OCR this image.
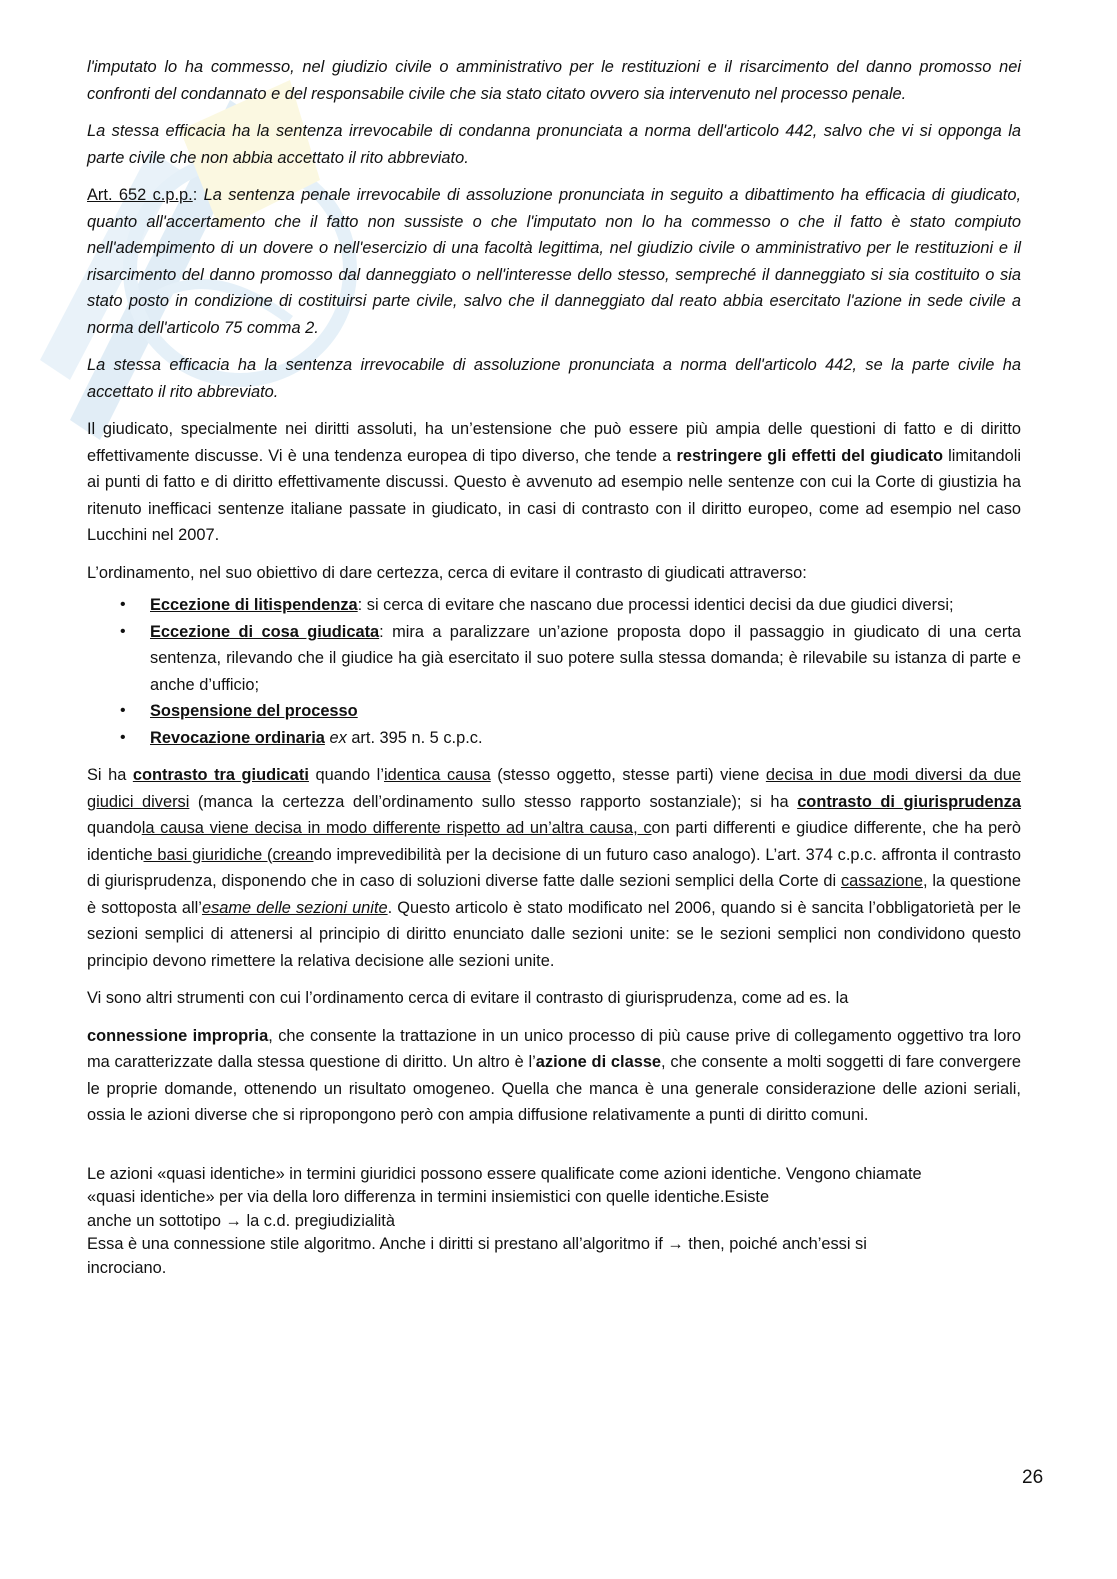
l'imputato lo ha commesso, nel giudizio civile o amministrativo per le restituzioni e il risarcimento del danno promosso nei confronti del condannato e del responsabile civile che sia stato citato ovvero sia intervenuto nel processo penale.

La stessa efficacia ha la sentenza irrevocabile di condanna pronunciata a norma dell'articolo 442, salvo che vi si opponga la parte civile che non abbia accettato il rito abbreviato.

Art. 652 c.p.p.: La sentenza penale irrevocabile di assoluzione pronunciata in seguito a dibattimento ha efficacia di giudicato, quanto all'accertamento che il fatto non sussiste o che l'imputato non lo ha commesso o che il fatto è stato compiuto nell'adempimento di un dovere o nell'esercizio di una facoltà legittima, nel giudizio civile o amministrativo per le restituzioni e il risarcimento del danno promosso dal danneggiato o nell'interesse dello stesso, sempreché il danneggiato si sia costituito o sia stato posto in condizione di costituirsi parte civile, salvo che il danneggiato dal reato abbia esercitato l'azione in sede civile a norma dell'articolo 75 comma 2.

La stessa efficacia ha la sentenza irrevocabile di assoluzione pronunciata a norma dell'articolo 442, se la parte civile ha accettato il rito abbreviato.

Il giudicato, specialmente nei diritti assoluti, ha un’estensione che può essere più ampia delle questioni di fatto e di diritto effettivamente discusse. Vi è una tendenza europea di tipo diverso, che tende a restringere gli effetti del giudicato limitandoli ai punti di fatto e di diritto effettivamente discussi. Questo è avvenuto ad esempio nelle sentenze con cui la Corte di giustizia ha ritenuto inefficaci sentenze italiane passate in giudicato, in casi di contrasto con il diritto europeo, come ad esempio nel caso Lucchini nel 2007.

L’ordinamento, nel suo obiettivo di dare certezza, cerca di evitare il contrasto di giudicati attraverso:

• Eccezione di litispendenza: si cerca di evitare che nascano due processi identici decisi da due giudici diversi;
• Eccezione di cosa giudicata: mira a paralizzare un’azione proposta dopo il passaggio in giudicato di una certa sentenza, rilevando che il giudice ha già esercitato il suo potere sulla stessa domanda; è rilevabile su istanza di parte e anche d’ufficio;
• Sospensione del processo
• Revocazione ordinaria ex art. 395 n. 5 c.p.c.

Si ha contrasto tra giudicati quando l’identica causa (stesso oggetto, stesse parti) viene decisa in due modi diversi da due giudici diversi (manca la certezza dell’ordinamento sullo stesso rapporto sostanziale); si ha contrasto di giurisprudenza quandola causa viene decisa in modo differente rispetto ad un’altra causa, con parti differenti e giudice differente, che ha però identiche basi giuridiche (creando imprevedibilità per la decisione di un futuro caso analogo). L’art. 374 c.p.c. affronta il contrasto di giurisprudenza, disponendo che in caso di soluzioni diverse fatte dalle sezioni semplici della Corte di cassazione, la questione è sottoposta all’esame delle sezioni unite. Questo articolo è stato modificato nel 2006, quando si è sancita l’obbligatorietà per le sezioni semplici di attenersi al principio di diritto enunciato dalle sezioni unite: se le sezioni semplici non condividono questo principio devono rimettere la relativa decisione alle sezioni unite.

Vi sono altri strumenti con cui l’ordinamento cerca di evitare il contrasto di giurisprudenza, come ad es. la

connessione impropria, che consente la trattazione in un unico processo di più cause prive di collegamento oggettivo tra loro ma caratterizzate dalla stessa questione di diritto. Un altro è l’azione di classe, che consente a molti soggetti di fare convergere le proprie domande, ottenendo un risultato omogeneo. Quella che manca è una generale considerazione delle azioni seriali, ossia le azioni diverse che si ripropongono però con ampia diffusione relativamente a punti di diritto comuni.

Le azioni «quasi identiche» in termini giuridici possono essere qualificate come azioni identiche. Vengono chiamate
«quasi identiche» per via della loro differenza in termini insiemistici con quelle identiche.Esiste
anche un sottotipo → la c.d. pregiudizialità
Essa è una connessione stile algoritmo. Anche i diritti si prestano all’algoritmo if → then, poiché anch’essi si
incrociano.
26
